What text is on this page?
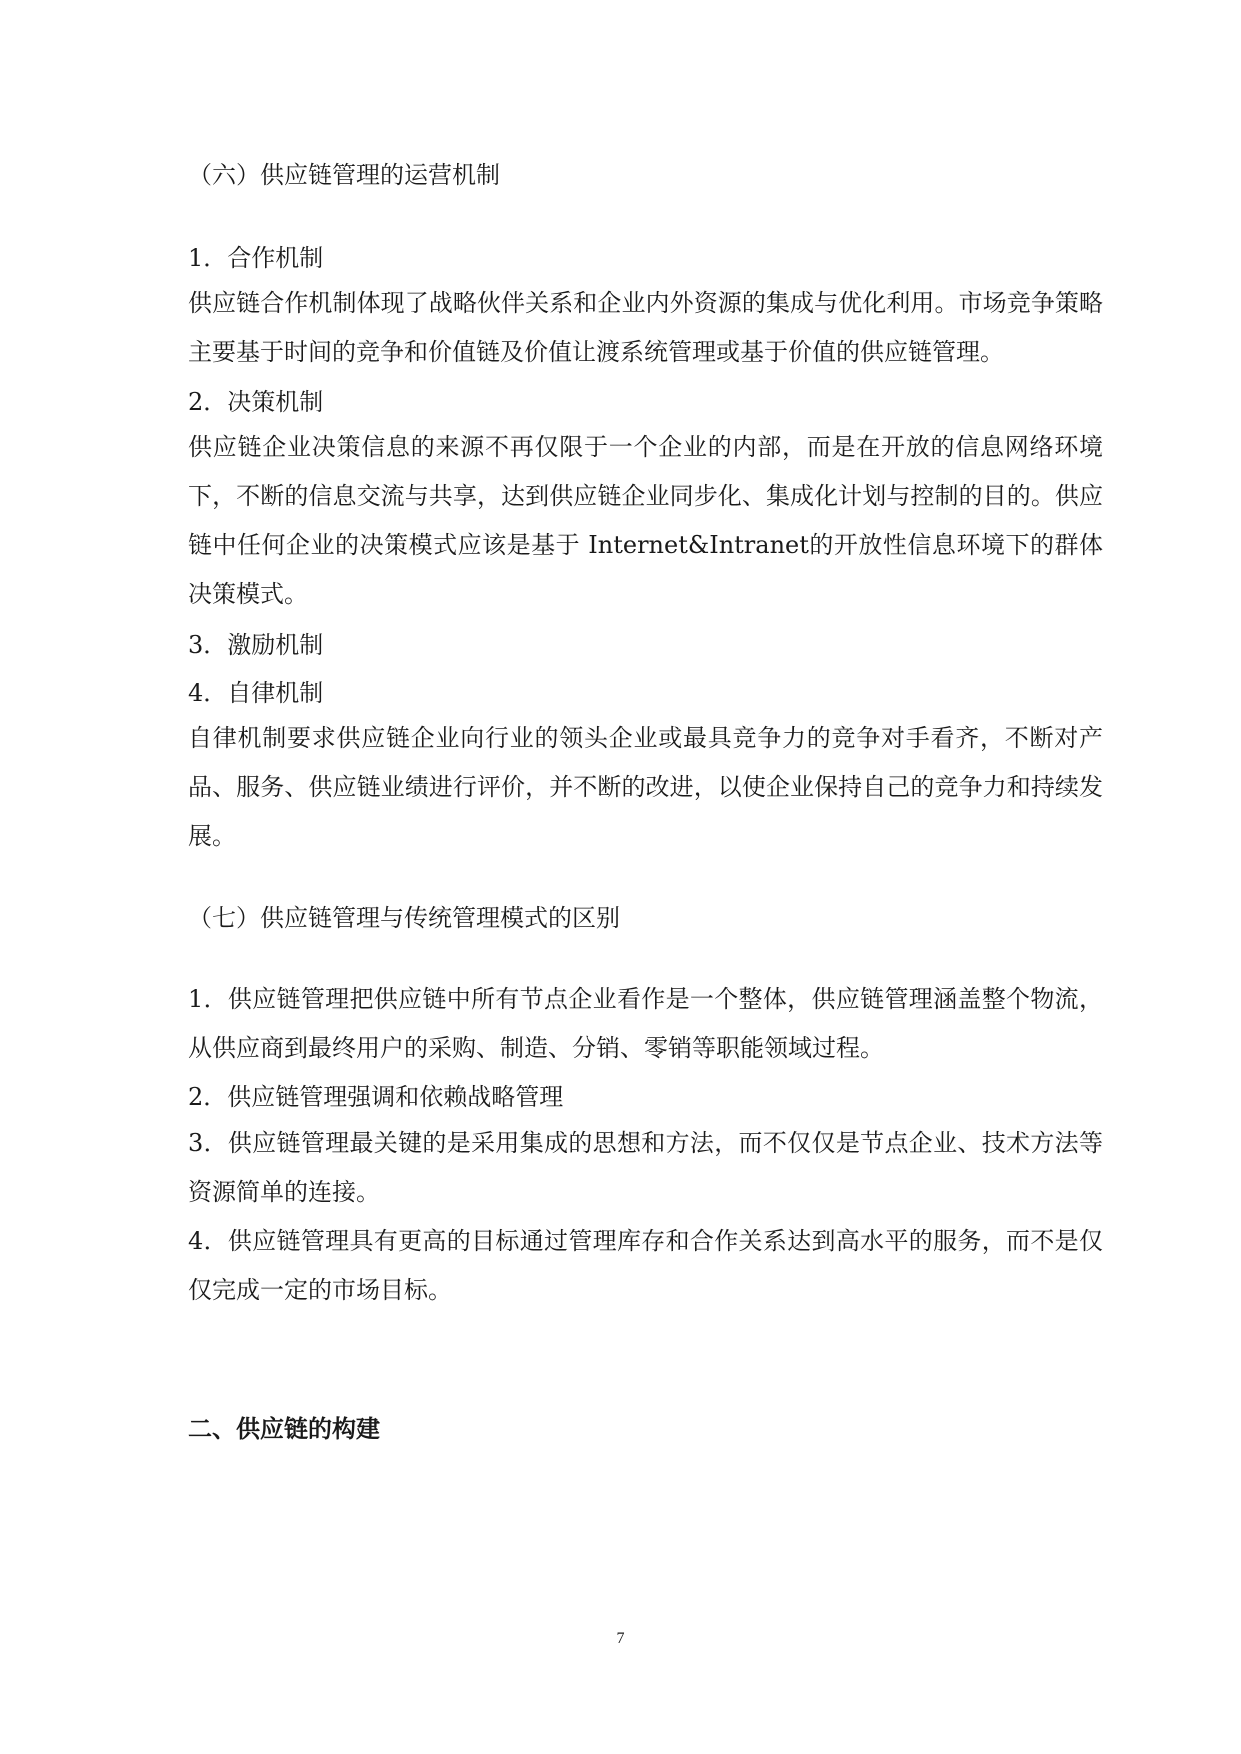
（六）供应链管理的运营机制
1．合作机制
供应链合作机制体现了战略伙伴关系和企业内外资源的集成与优化利用。市场竞争策略主要基于时间的竞争和价值链及价值让渡系统管理或基于价值的供应链管理。
2．决策机制
供应链企业决策信息的来源不再仅限于一个企业的内部，而是在开放的信息网络环境下，不断的信息交流与共享，达到供应链企业同步化、集成化计划与控制的目的。供应链中任何企业的决策模式应该是基于 Internet&Intranet的开放性信息环境下的群体决策模式。
3．激励机制
4．自律机制
自律机制要求供应链企业向行业的领头企业或最具竞争力的竞争对手看齐，不断对产品、服务、供应链业绩进行评价，并不断的改进，以使企业保持自己的竞争力和持续发展。
（七）供应链管理与传统管理模式的区别
1．供应链管理把供应链中所有节点企业看作是一个整体，供应链管理涵盖整个物流，从供应商到最终用户的采购、制造、分销、零销等职能领域过程。
2．供应链管理强调和依赖战略管理
3．供应链管理最关键的是采用集成的思想和方法，而不仅仅是节点企业、技术方法等资源简单的连接。
4．供应链管理具有更高的目标通过管理库存和合作关系达到高水平的服务，而不是仅仅完成一定的市场目标。
二、供应链的构建
7
